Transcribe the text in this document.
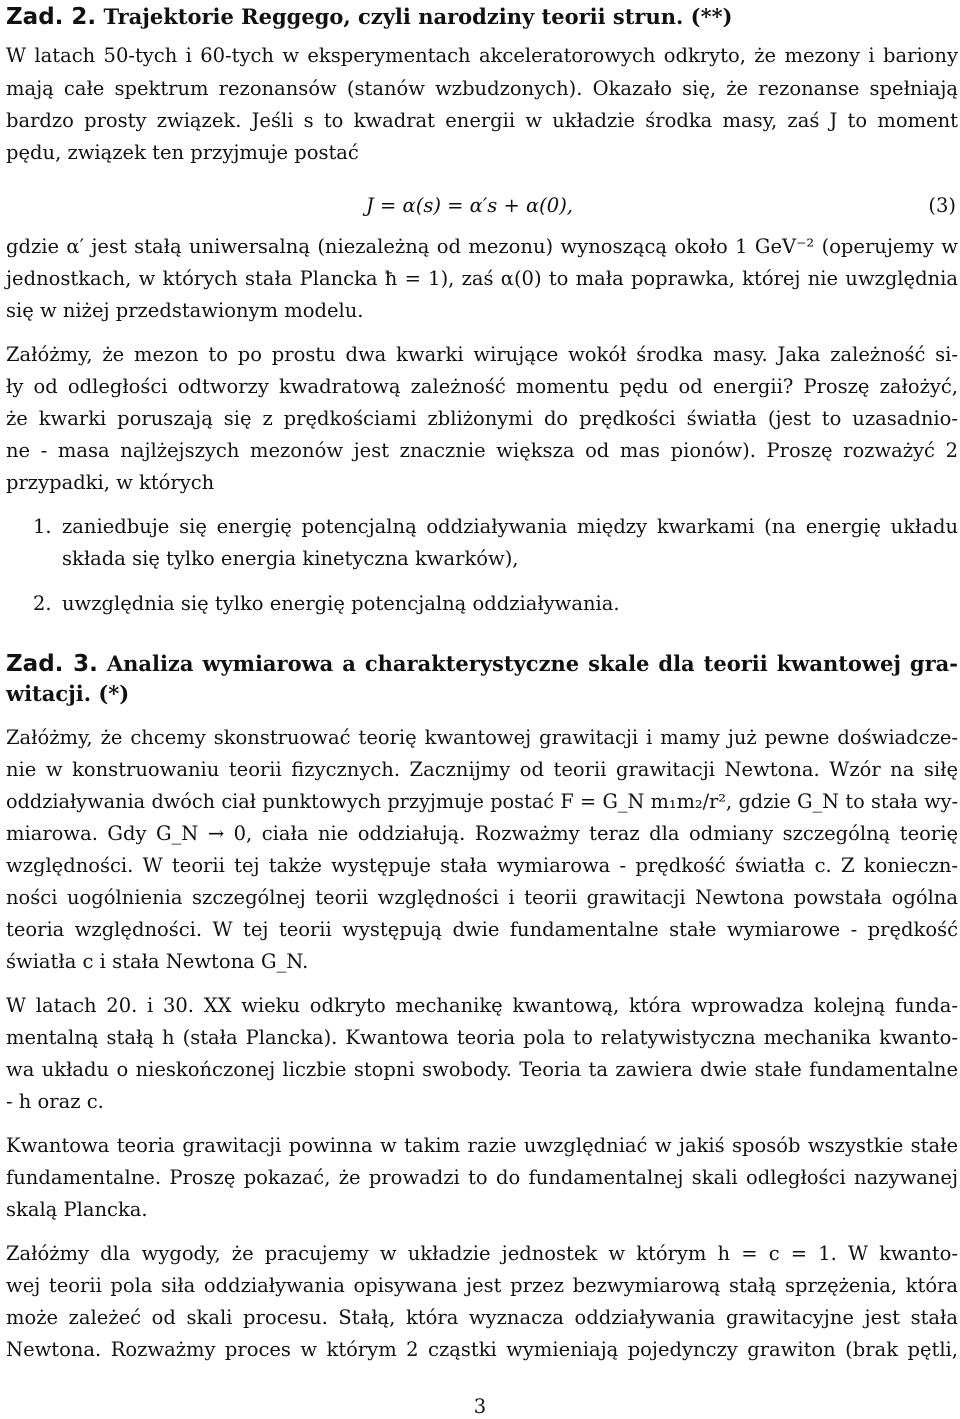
Zad. 2. Trajektorie Reggego, czyli narodziny teorii strun. (**)
W latach 50-tych i 60-tych w eksperymentach akceleratorowych odkryto, że mezony i bariony
mają całe spektrum rezonansów (stanów wzbudzonych). Okazało się, że rezonanse spełniają
bardzo prosty związek. Jeśli s to kwadrat energii w układzie środka masy, zaś J to moment
pędu, związek ten przyjmuje postać
J = α(s) = α′s + α(0),	(3)
gdzie α′ jest stałą uniwersalną (niezależną od mezonu) wynoszącą około 1 GeV⁻² (operujemy w
jednostkach, w których stała Plancka ħ = 1), zaś α(0) to mała poprawka, której nie uwzględnia
się w niżej przedstawionym modelu.
Załóżmy, że mezon to po prostu dwa kwarki wirujące wokół środka masy. Jaka zależność si-
ły od odległości odtworzy kwadratową zależność momentu pędu od energii? Proszę założyć,
że kwarki poruszają się z prędkościami zbliżonymi do prędkości światła (jest to uzasadnio-
ne - masa najlżejszych mezonów jest znacznie większa od mas pionów). Proszę rozważyć 2
przypadki, w których
1. zaniedbuje się energię potencjalną oddziaływania między kwarkami (na energię układu
składa się tylko energia kinetyczna kwarków),
2. uwzględnia się tylko energię potencjalną oddziaływania.
Zad. 3. Analiza wymiarowa a charakterystyczne skale dla teorii kwantowej gra-
witacji. (*)
Załóżmy, że chcemy skonstruować teorię kwantowej grawitacji i mamy już pewne doświadcze-
nie w konstruowaniu teorii fizycznych. Zacznijmy od teorii grawitacji Newtona. Wzór na siłę
oddziaływania dwóch ciał punktowych przyjmuje postać F = G_N m₁m₂/r², gdzie G_N to stała wy-
miarowa. Gdy G_N → 0, ciała nie oddziałują. Rozważmy teraz dla odmiany szczególną teorię
względności. W teorii tej także występuje stała wymiarowa - prędkość światła c. Z konieczn-
ności uogólnienia szczególnej teorii względności i teorii grawitacji Newtona powstała ogólna
teoria względności. W tej teorii występują dwie fundamentalne stałe wymiarowe - prędkość
światła c i stała Newtona G_N.
W latach 20. i 30. XX wieku odkryto mechanikę kwantową, która wprowadza kolejną funda-
mentalną stałą h (stała Plancka). Kwantowa teoria pola to relatywistyczna mechanika kwanto-
wa układu o nieskończonej liczbie stopni swobody. Teoria ta zawiera dwie stałe fundamentalne
- h oraz c.
Kwantowa teoria grawitacji powinna w takim razie uwzględniać w jakiś sposób wszystkie stałe
fundamentalne. Proszę pokazać, że prowadzi to do fundamentalnej skali odległości nazywanej
skalą Plancka.
Załóżmy dla wygody, że pracujemy w układzie jednostek w którym h = c = 1. W kwanto-
wej teorii pola siła oddziaływania opisywana jest przez bezwymiarową stałą sprzężenia, która
może zależeć od skali procesu. Stałą, która wyznacza oddziaływania grawitacyjne jest stała
Newtona. Rozważmy proces w którym 2 cząstki wymieniają pojedynczy grawiton (brak pętli,
3
